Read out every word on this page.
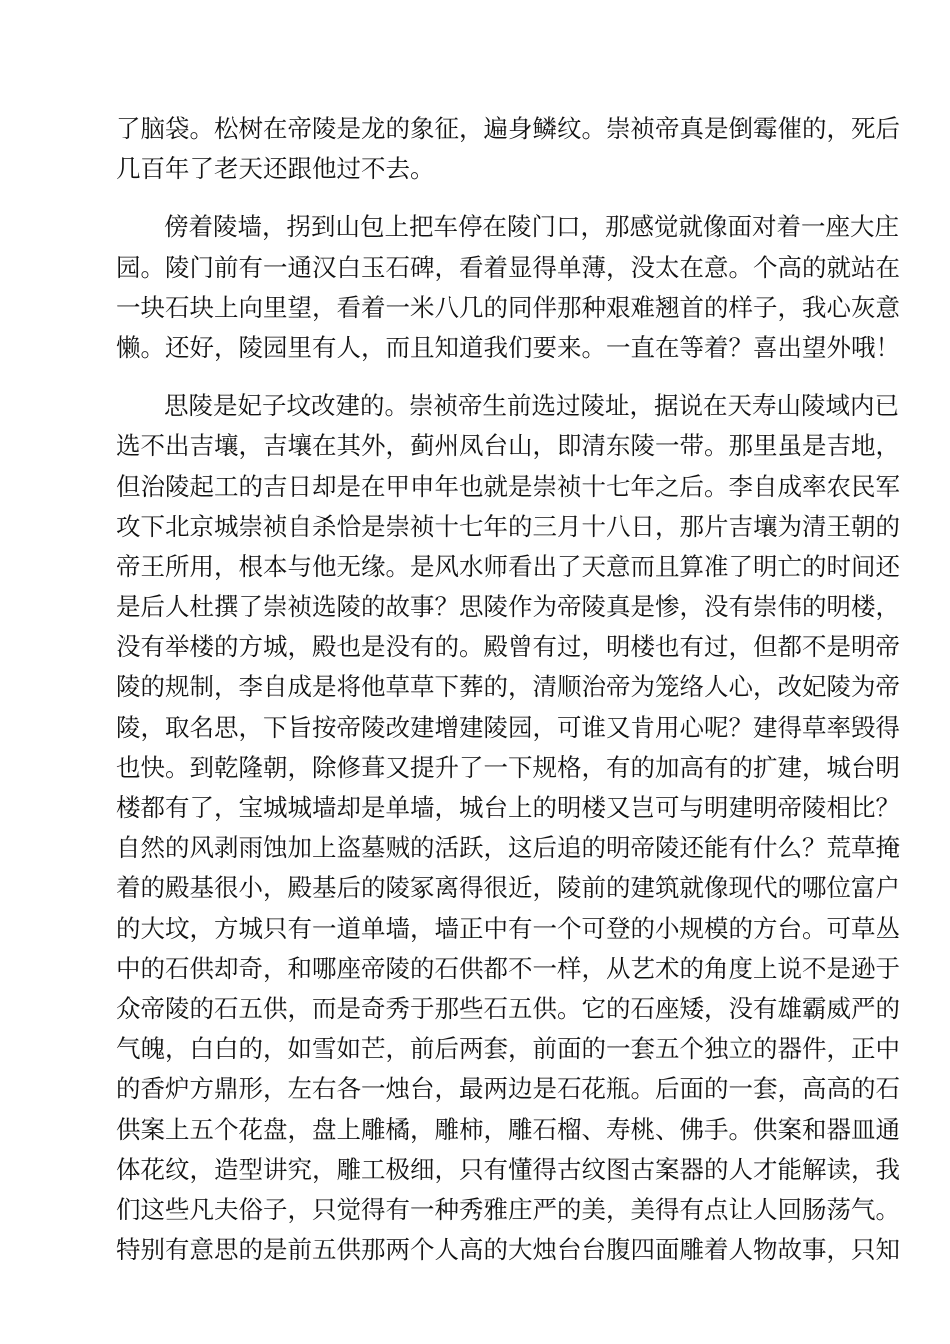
了脑袋。松树在帝陵是龙的象征，遍身鳞纹。崇祯帝真是倒霉催的，死后
几百年了老天还跟他过不去。
傍着陵墙，拐到山包上把车停在陵门口，那感觉就像面对着一座大庄
园。陵门前有一通汉白玉石碑，看着显得单薄，没太在意。个高的就站在
一块石块上向里望，看着一米八几的同伴那种艰难翘首的样子，我心灰意
懒。还好，陵园里有人，而且知道我们要来。一直在等着？喜出望外哦！
思陵是妃子坟改建的。崇祯帝生前选过陵址，据说在天寿山陵域内已
选不出吉壤，吉壤在其外，蓟州凤台山，即清东陵一带。那里虽是吉地，
但治陵起工的吉日却是在甲申年也就是崇祯十七年之后。李自成率农民军
攻下北京城崇祯自杀恰是崇祯十七年的三月十八日，那片吉壤为清王朝的
帝王所用，根本与他无缘。是风水师看出了天意而且算准了明亡的时间还
是后人杜撰了崇祯选陵的故事？思陵作为帝陵真是惨，没有崇伟的明楼，
没有举楼的方城，殿也是没有的。殿曾有过，明楼也有过，但都不是明帝
陵的规制，李自成是将他草草下葬的，清顺治帝为笼络人心，改妃陵为帝
陵，取名思，下旨按帝陵改建增建陵园，可谁又肯用心呢？建得草率毁得
也快。到乾隆朝，除修葺又提升了一下规格，有的加高有的扩建，城台明
楼都有了，宝城城墙却是单墙，城台上的明楼又岂可与明建明帝陵相比？
自然的风剥雨蚀加上盗墓贼的活跃，这后追的明帝陵还能有什么？荒草掩
着的殿基很小，殿基后的陵冢离得很近，陵前的建筑就像现代的哪位富户
的大坟，方城只有一道单墙，墙正中有一个可登的小规模的方台。可草丛
中的石供却奇，和哪座帝陵的石供都不一样，从艺术的角度上说不是逊于
众帝陵的石五供，而是奇秀于那些石五供。它的石座矮，没有雄霸威严的
气魄，白白的，如雪如芒，前后两套，前面的一套五个独立的器件，正中
的香炉方鼎形，左右各一烛台，最两边是石花瓶。后面的一套，高高的石
供案上五个花盘，盘上雕橘，雕柿，雕石榴、寿桃、佛手。供案和器皿通
体花纹，造型讲究，雕工极细，只有懂得古纹图古案器的人才能解读，我
们这些凡夫俗子，只觉得有一种秀雅庄严的美，美得有点让人回肠荡气。
特别有意思的是前五供那两个人高的大烛台台腹四面雕着人物故事，只知
